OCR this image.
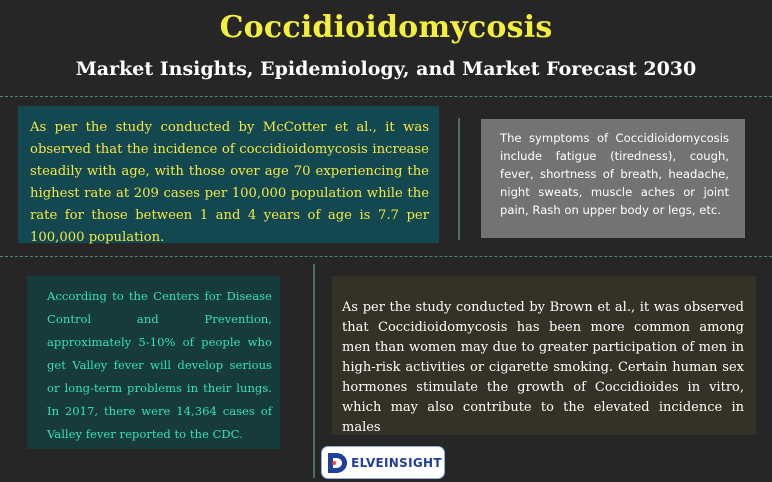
Coccidioidomycosis
Market Insights, Epidemiology, and Market Forecast 2030
As per the study conducted by McCotter et al., it was observed that the incidence of coccidioidomycosis increase steadily with age, with those over age 70 experiencing the highest rate at 209 cases per 100,000 population while the rate for those between 1 and 4 years of age is 7.7 per 100,000 population.
The symptoms of Coccidioidomycosis include fatigue (tiredness), cough, fever, shortness of breath, headache, night sweats, muscle aches or joint pain, Rash on upper body or legs, etc.
According to the Centers for Disease Control and Prevention, approximately 5-10% of people who get Valley fever will develop serious or long-term problems in their lungs. In 2017, there were 14,364 cases of Valley fever reported to the CDC.
As per the study conducted by Brown et al., it was observed that Coccidioidomycosis has been more common among men than women may due to greater participation of men in high-risk activities or cigarette smoking. Certain human sex hormones stimulate the growth of Coccidioides in vitro, which may also contribute to the elevated incidence in males
ELVEINSIGHT
